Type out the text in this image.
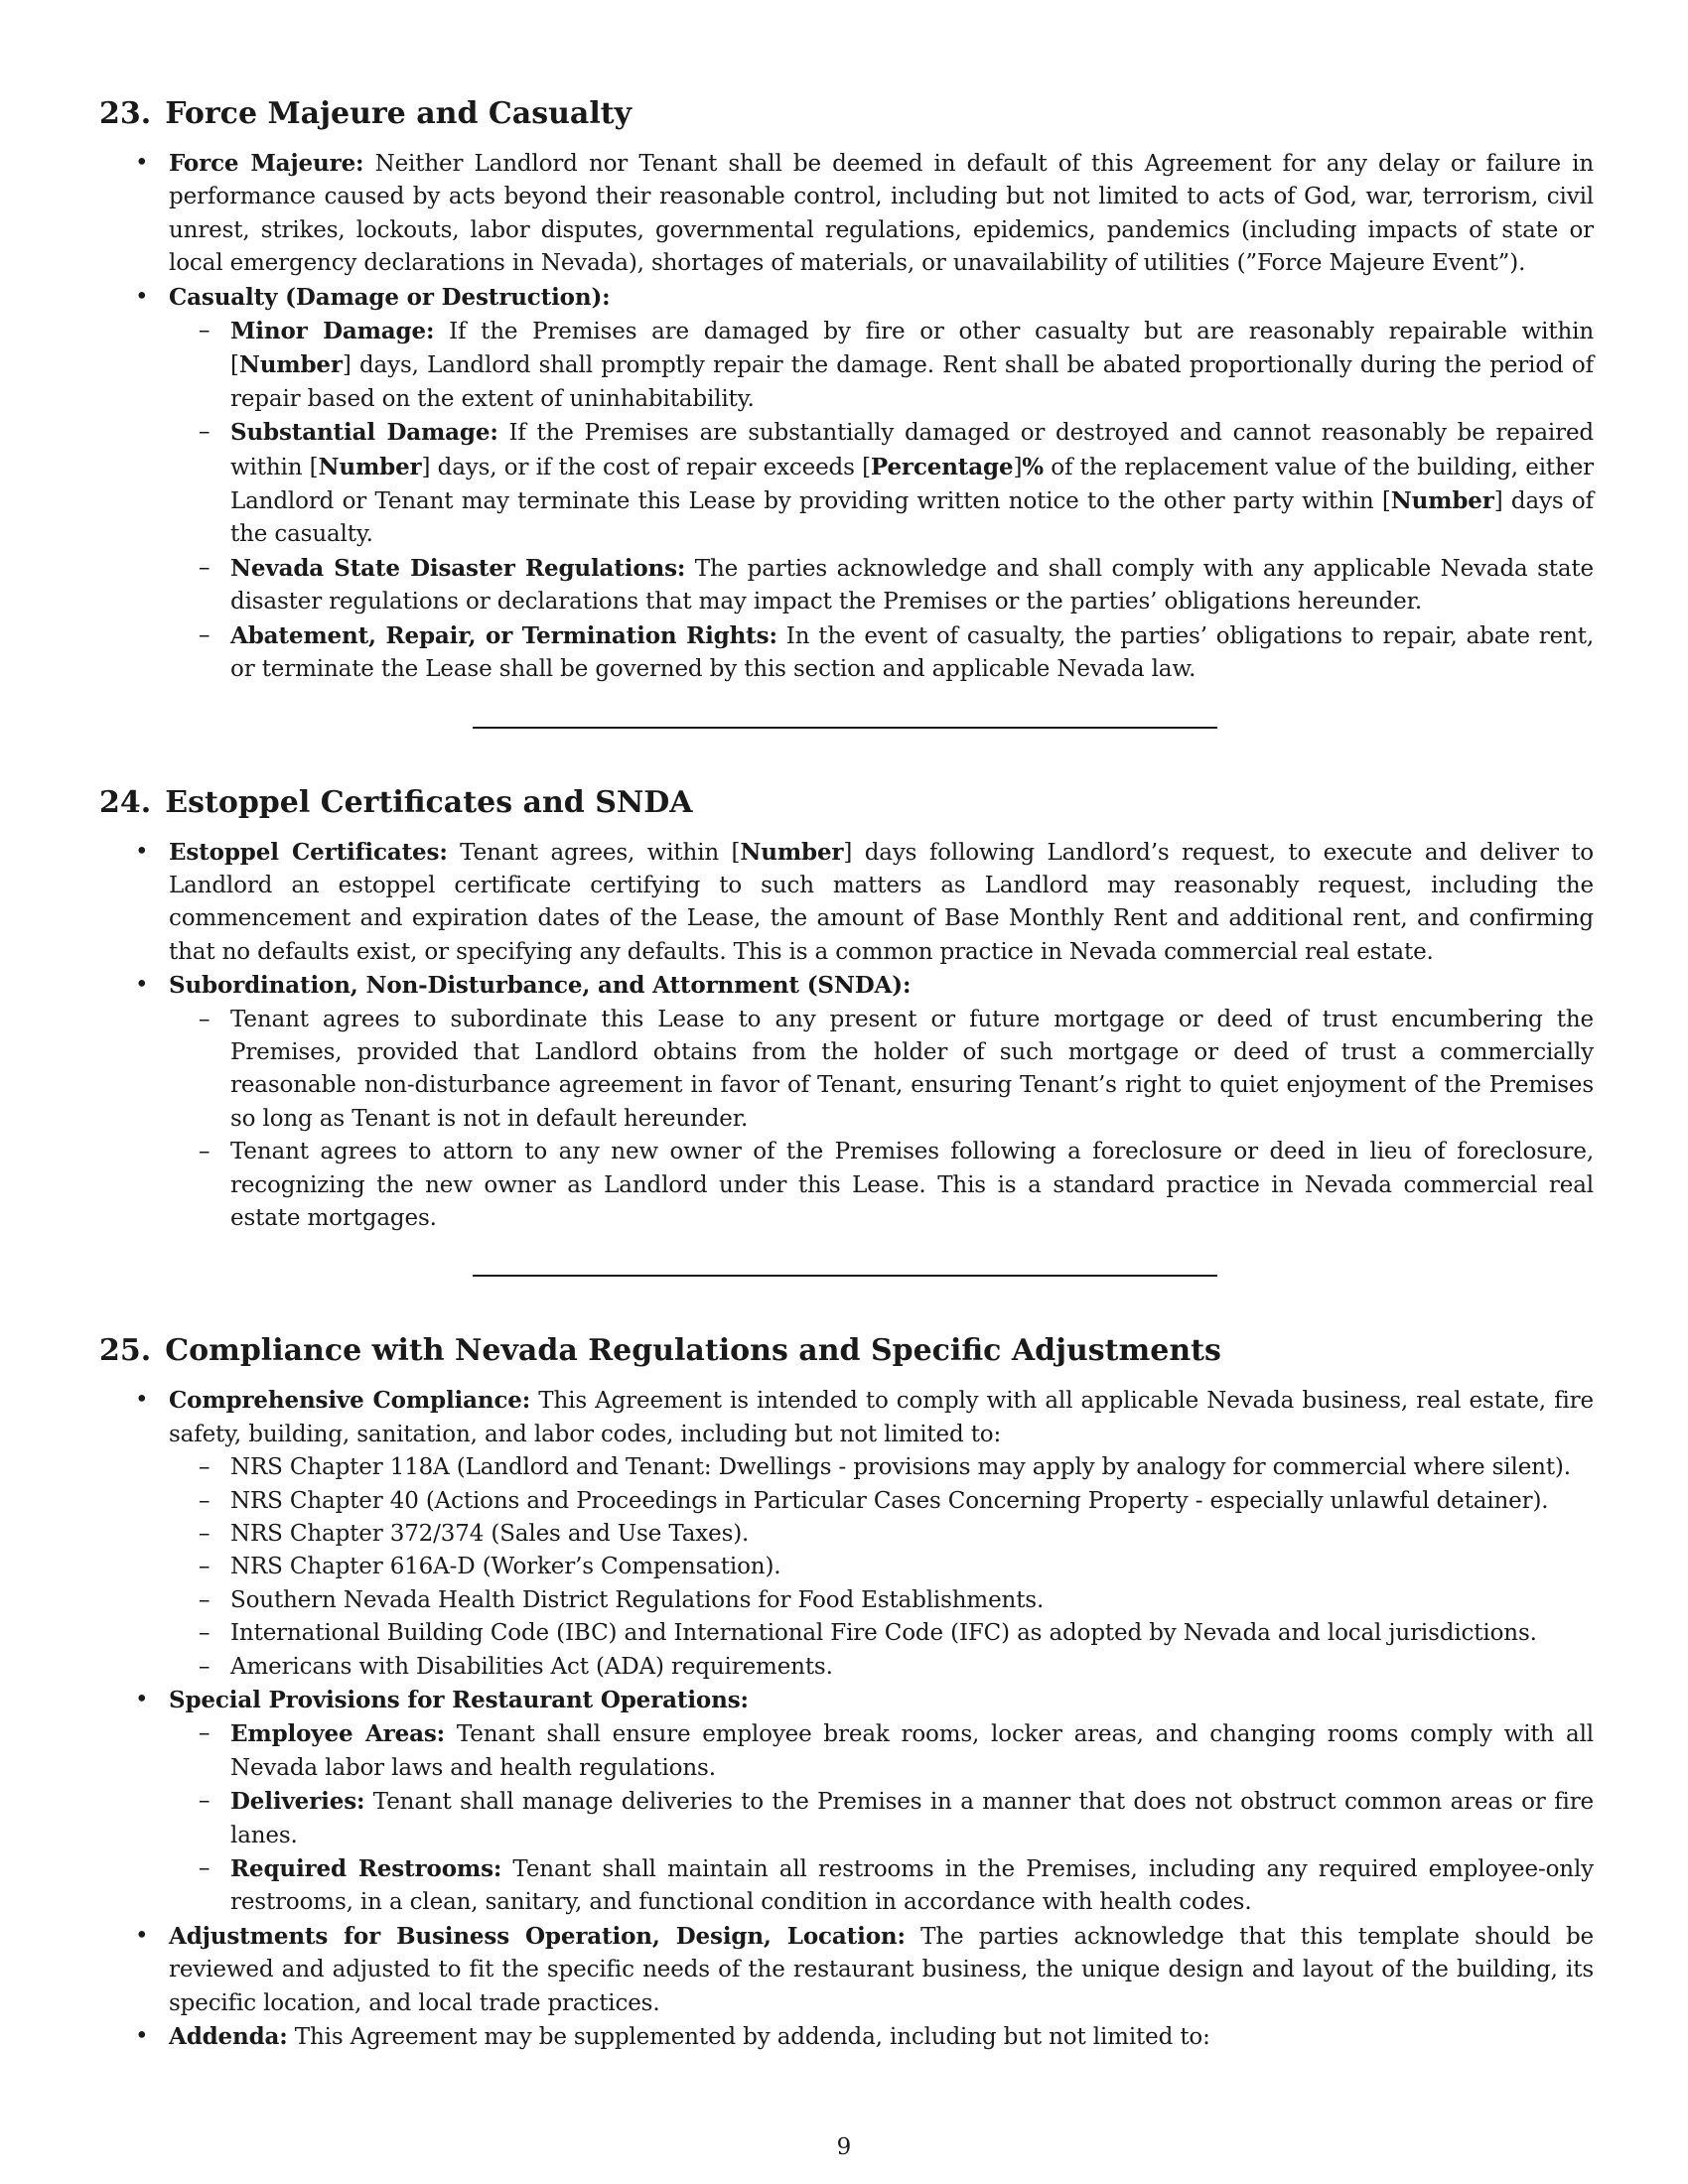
23. Force Majeure and Casualty
• Force Majeure: Neither Landlord nor Tenant shall be deemed in default of this Agreement for any delay or failure in performance caused by acts beyond their reasonable control, including but not limited to acts of God, war, terrorism, civil unrest, strikes, lockouts, labor disputes, governmental regulations, epidemics, pandemics (including impacts of state or local emergency declarations in Nevada), shortages of materials, or unavailability of utilities (”Force Majeure Event”).
• Casualty (Damage or Destruction):
– Minor Damage: If the Premises are damaged by fire or other casualty but are reasonably repairable within [Number] days, Landlord shall promptly repair the damage. Rent shall be abated proportionally during the period of repair based on the extent of uninhabitability.
– Substantial Damage: If the Premises are substantially damaged or destroyed and cannot reasonably be repaired within [Number] days, or if the cost of repair exceeds [Percentage]% of the replacement value of the building, either Landlord or Tenant may terminate this Lease by providing written notice to the other party within [Number] days of the casualty.
– Nevada State Disaster Regulations: The parties acknowledge and shall comply with any applicable Nevada state disaster regulations or declarations that may impact the Premises or the parties’ obligations hereunder.
– Abatement, Repair, or Termination Rights: In the event of casualty, the parties’ obligations to repair, abate rent, or terminate the Lease shall be governed by this section and applicable Nevada law.
24. Estoppel Certificates and SNDA
• Estoppel Certificates: Tenant agrees, within [Number] days following Landlord’s request, to execute and deliver to Landlord an estoppel certificate certifying to such matters as Landlord may reasonably request, including the commencement and expiration dates of the Lease, the amount of Base Monthly Rent and additional rent, and confirming that no defaults exist, or specifying any defaults. This is a common practice in Nevada commercial real estate.
• Subordination, Non-Disturbance, and Attornment (SNDA):
– Tenant agrees to subordinate this Lease to any present or future mortgage or deed of trust encumbering the Premises, provided that Landlord obtains from the holder of such mortgage or deed of trust a commercially reasonable non-disturbance agreement in favor of Tenant, ensuring Tenant’s right to quiet enjoyment of the Premises so long as Tenant is not in default hereunder.
– Tenant agrees to attorn to any new owner of the Premises following a foreclosure or deed in lieu of foreclosure, recognizing the new owner as Landlord under this Lease. This is a standard practice in Nevada commercial real estate mortgages.
25. Compliance with Nevada Regulations and Specific Adjustments
• Comprehensive Compliance: This Agreement is intended to comply with all applicable Nevada business, real estate, fire safety, building, sanitation, and labor codes, including but not limited to:
– NRS Chapter 118A (Landlord and Tenant: Dwellings - provisions may apply by analogy for commercial where silent).
– NRS Chapter 40 (Actions and Proceedings in Particular Cases Concerning Property - especially unlawful detainer).
– NRS Chapter 372/374 (Sales and Use Taxes).
– NRS Chapter 616A-D (Worker’s Compensation).
– Southern Nevada Health District Regulations for Food Establishments.
– International Building Code (IBC) and International Fire Code (IFC) as adopted by Nevada and local jurisdictions.
– Americans with Disabilities Act (ADA) requirements.
• Special Provisions for Restaurant Operations:
– Employee Areas: Tenant shall ensure employee break rooms, locker areas, and changing rooms comply with all Nevada labor laws and health regulations.
– Deliveries: Tenant shall manage deliveries to the Premises in a manner that does not obstruct common areas or fire lanes.
– Required Restrooms: Tenant shall maintain all restrooms in the Premises, including any required employee-only restrooms, in a clean, sanitary, and functional condition in accordance with health codes.
• Adjustments for Business Operation, Design, Location: The parties acknowledge that this template should be reviewed and adjusted to fit the specific needs of the restaurant business, the unique design and layout of the building, its specific location, and local trade practices.
• Addenda: This Agreement may be supplemented by addenda, including but not limited to:
9
